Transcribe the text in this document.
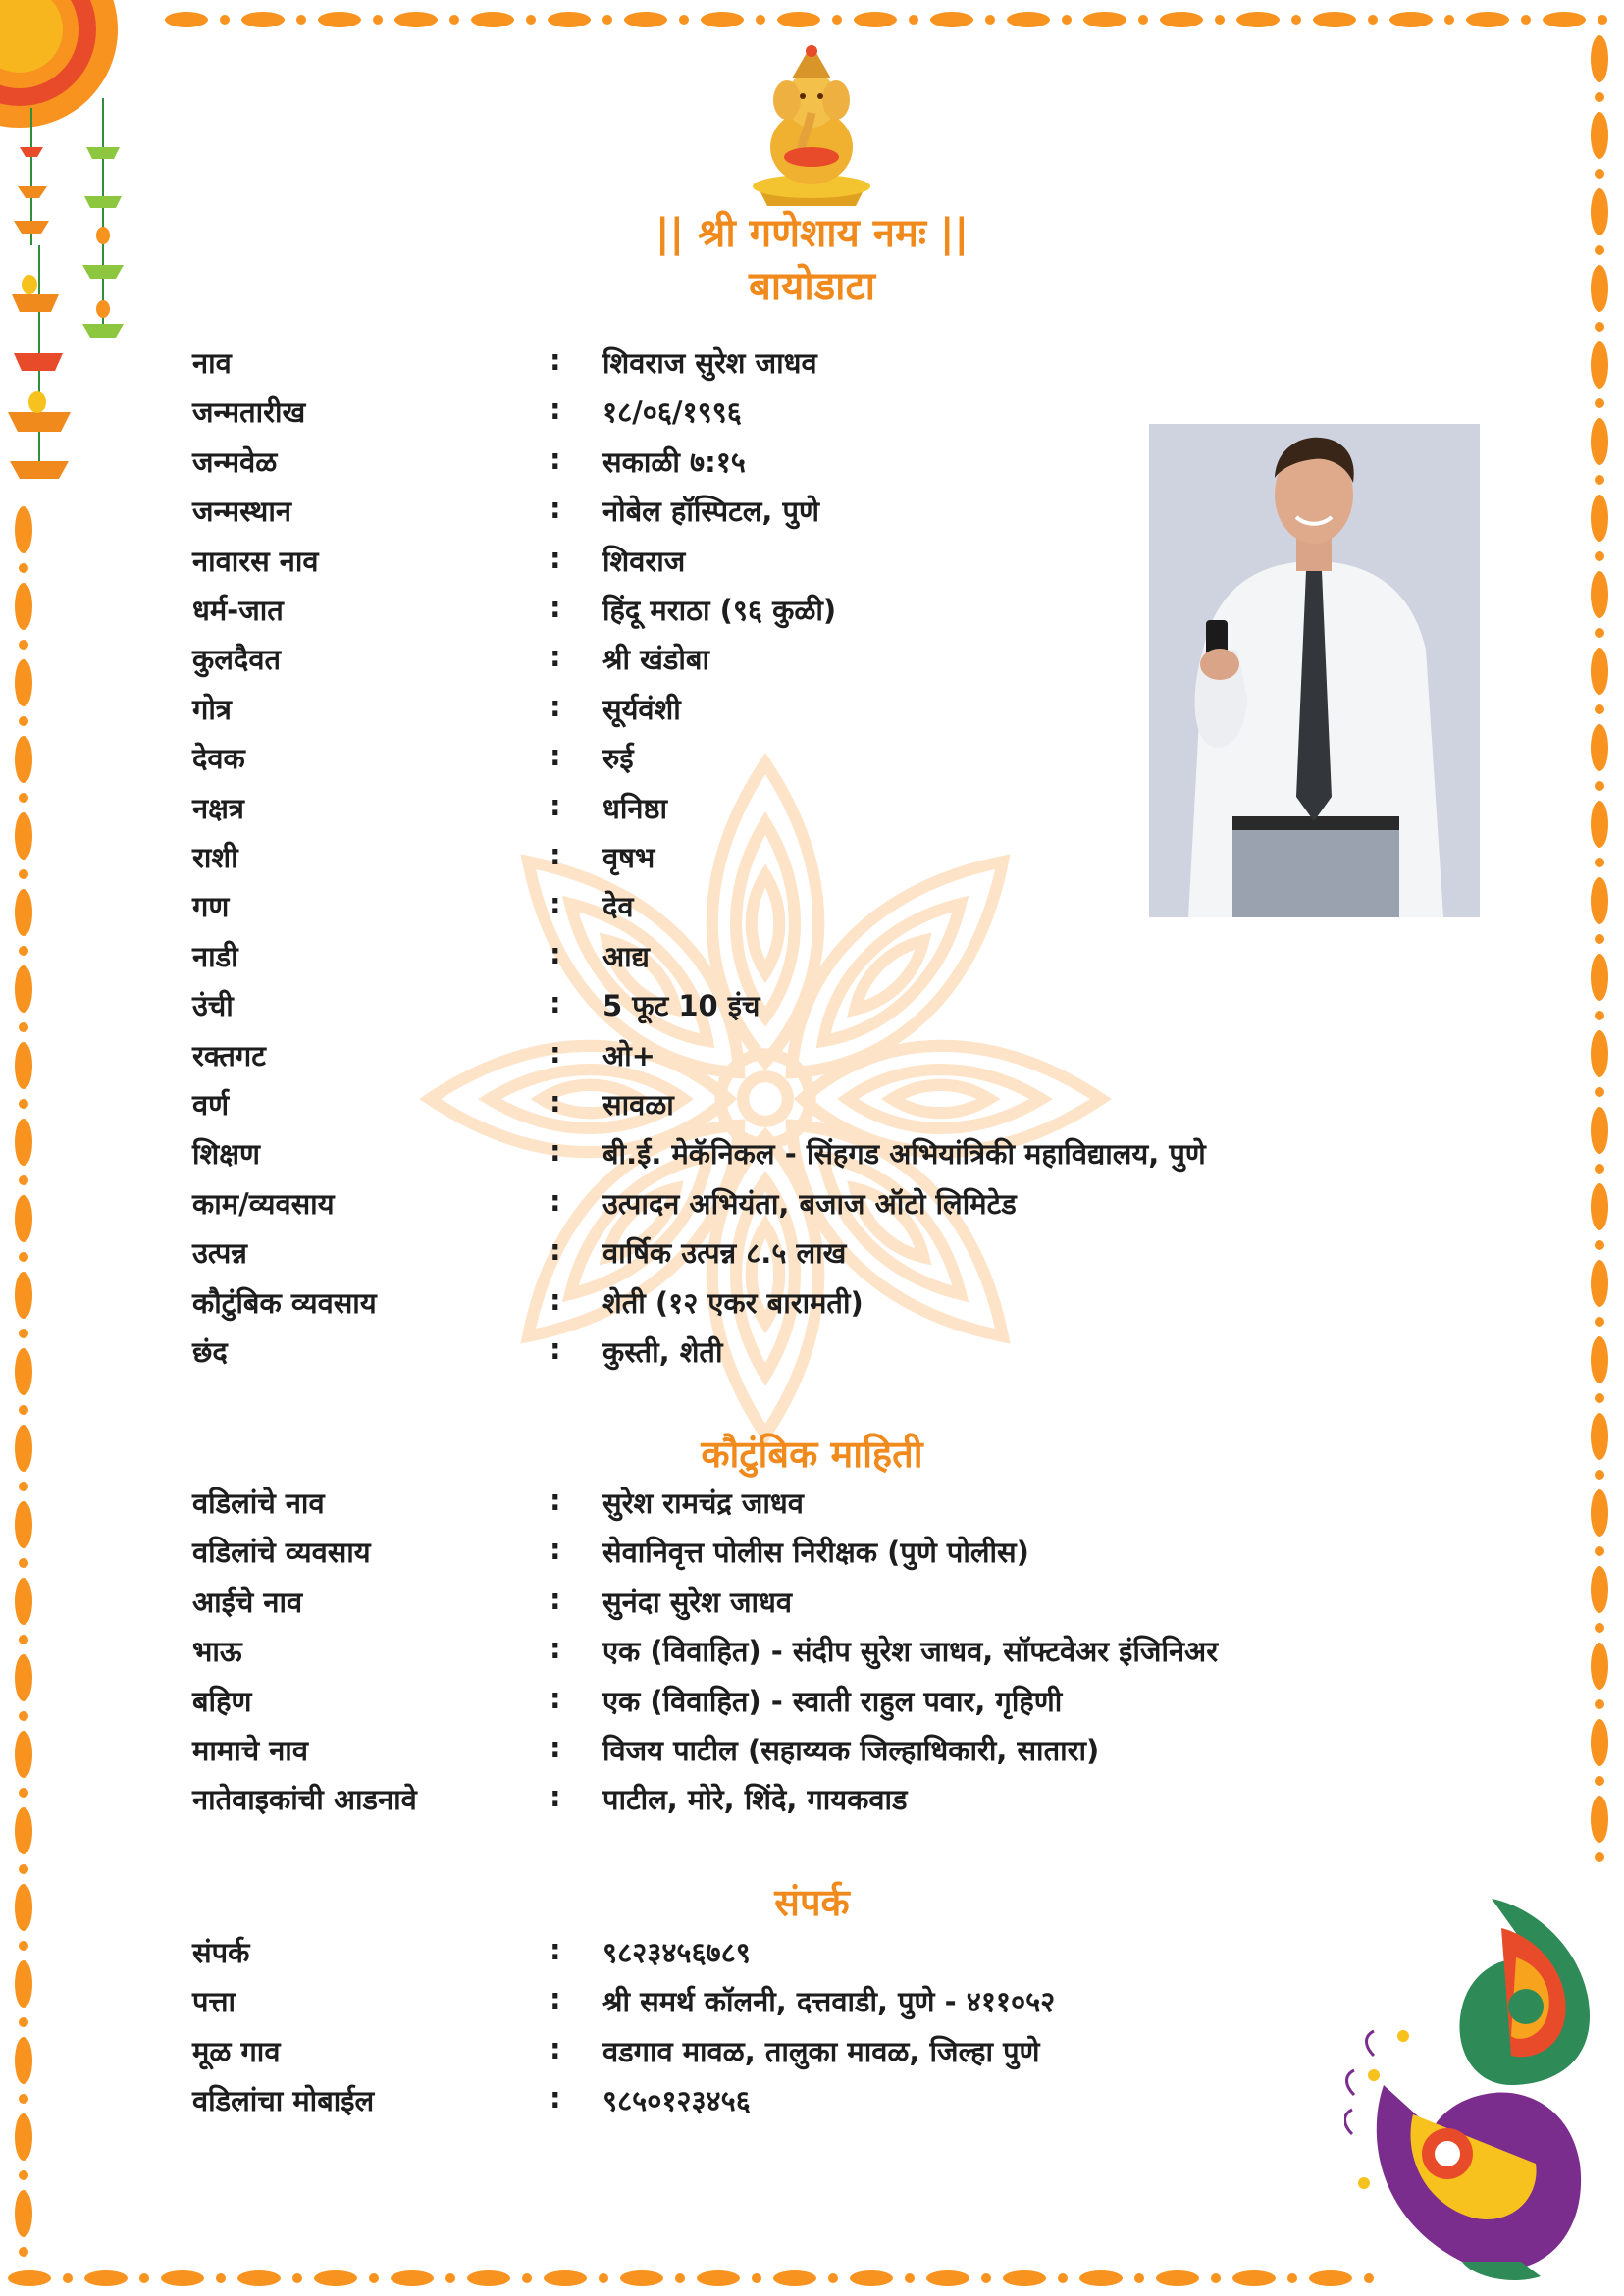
|| श्री गणेशाय नमः ||
बायोडाटा
नाव	: शिवराज सुरेश जाधव
जन्मतारीख	: १८/०६/१९९६
जन्मवेळ	: सकाळी ७:१५
जन्मस्थान	: नोबेल हॉस्पिटल, पुणे
नावारस नाव	: शिवराज
धर्म-जात	: हिंदू मराठा (९६ कुळी)
कुलदैवत	: श्री खंडोबा
गोत्र	: सूर्यवंशी
देवक	: रुई
नक्षत्र	: धनिष्ठा
राशी	: वृषभ
गण	: देव
नाडी	: आद्य
उंची	: 5 फूट 10 इंच
रक्तगट	: ओ+
वर्ण	: सावळा
शिक्षण	: बी.ई. मेकॅनिकल - सिंहगड अभियांत्रिकी महाविद्यालय, पुणे
काम/व्यवसाय	: उत्पादन अभियंता, बजाज ऑटो लिमिटेड
उत्पन्न	: वार्षिक उत्पन्न ८.५ लाख
कौटुंबिक व्यवसाय	: शेती (१२ एकर बारामती)
छंद	: कुस्ती, शेती
कौटुंबिक माहिती
वडिलांचे नाव	: सुरेश रामचंद्र जाधव
वडिलांचे व्यवसाय	: सेवानिवृत्त पोलीस निरीक्षक (पुणे पोलीस)
आईचे नाव	: सुनंदा सुरेश जाधव
भाऊ	: एक (विवाहित) - संदीप सुरेश जाधव, सॉफ्टवेअर इंजिनिअर
बहिण	: एक (विवाहित) - स्वाती राहुल पवार, गृहिणी
मामाचे नाव	: विजय पाटील (सहाय्यक जिल्हाधिकारी, सातारा)
नातेवाइकांची आडनावे	: पाटील, मोरे, शिंदे, गायकवाड
संपर्क
संपर्क	: ९८२३४५६७८९
पत्ता	: श्री समर्थ कॉलनी, दत्तवाडी, पुणे - ४११०५२
मूळ गाव	: वडगाव मावळ, तालुका मावळ, जिल्हा पुणे
वडिलांचा मोबाईल	: ९८५०१२३४५६
